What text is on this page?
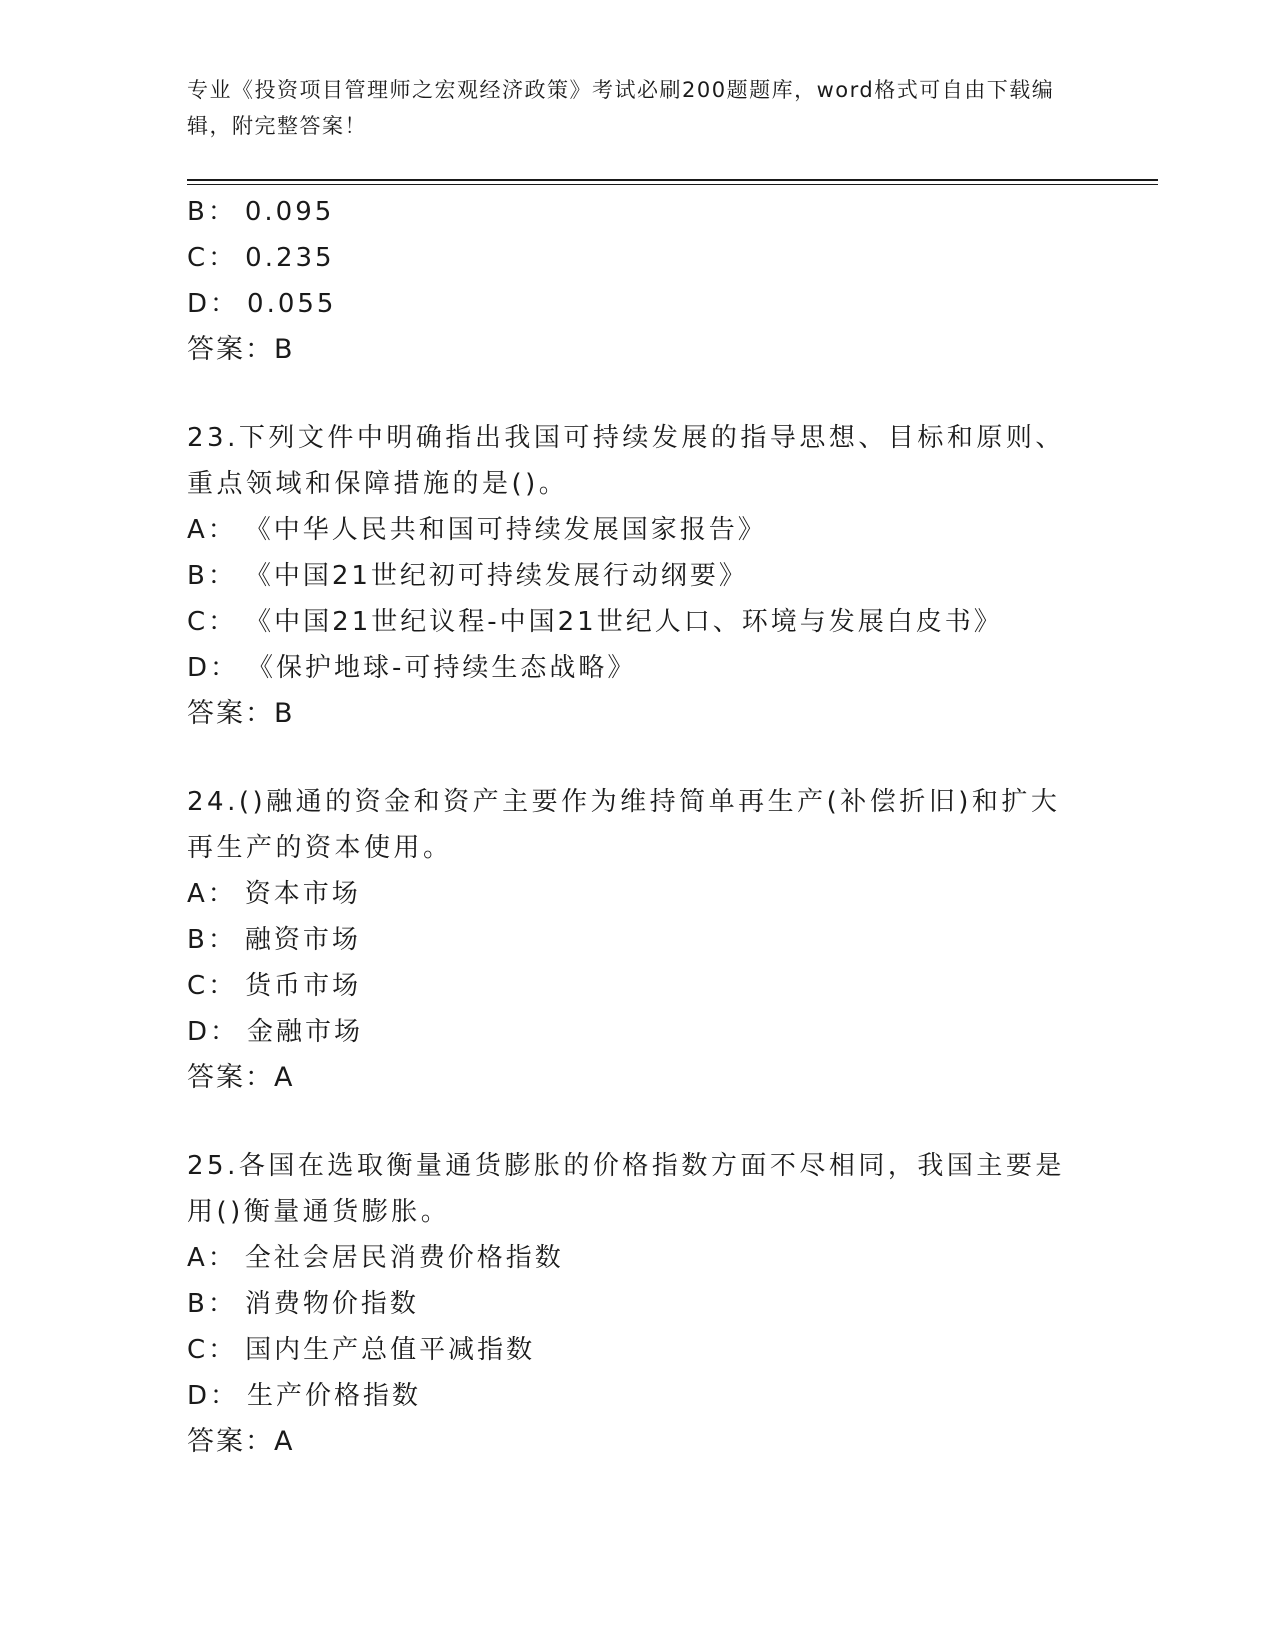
专业《投资项目管理师之宏观经济政策》考试必刷200题题库，word格式可自由下载编辑，附完整答案！
B： 0.095
C： 0.235
D： 0.055
答案：B
23.下列文件中明确指出我国可持续发展的指导思想、目标和原则、重点领域和保障措施的是()。
A： 《中华人民共和国可持续发展国家报告》
B： 《中国21世纪初可持续发展行动纲要》
C： 《中国21世纪议程-中国21世纪人口、环境与发展白皮书》
D： 《保护地球-可持续生态战略》
答案：B
24.()融通的资金和资产主要作为维持简单再生产(补偿折旧)和扩大再生产的资本使用。
A： 资本市场
B： 融资市场
C： 货币市场
D： 金融市场
答案：A
25.各国在选取衡量通货膨胀的价格指数方面不尽相同，我国主要是用()衡量通货膨胀。
A： 全社会居民消费价格指数
B： 消费物价指数
C： 国内生产总值平减指数
D： 生产价格指数
答案：A
